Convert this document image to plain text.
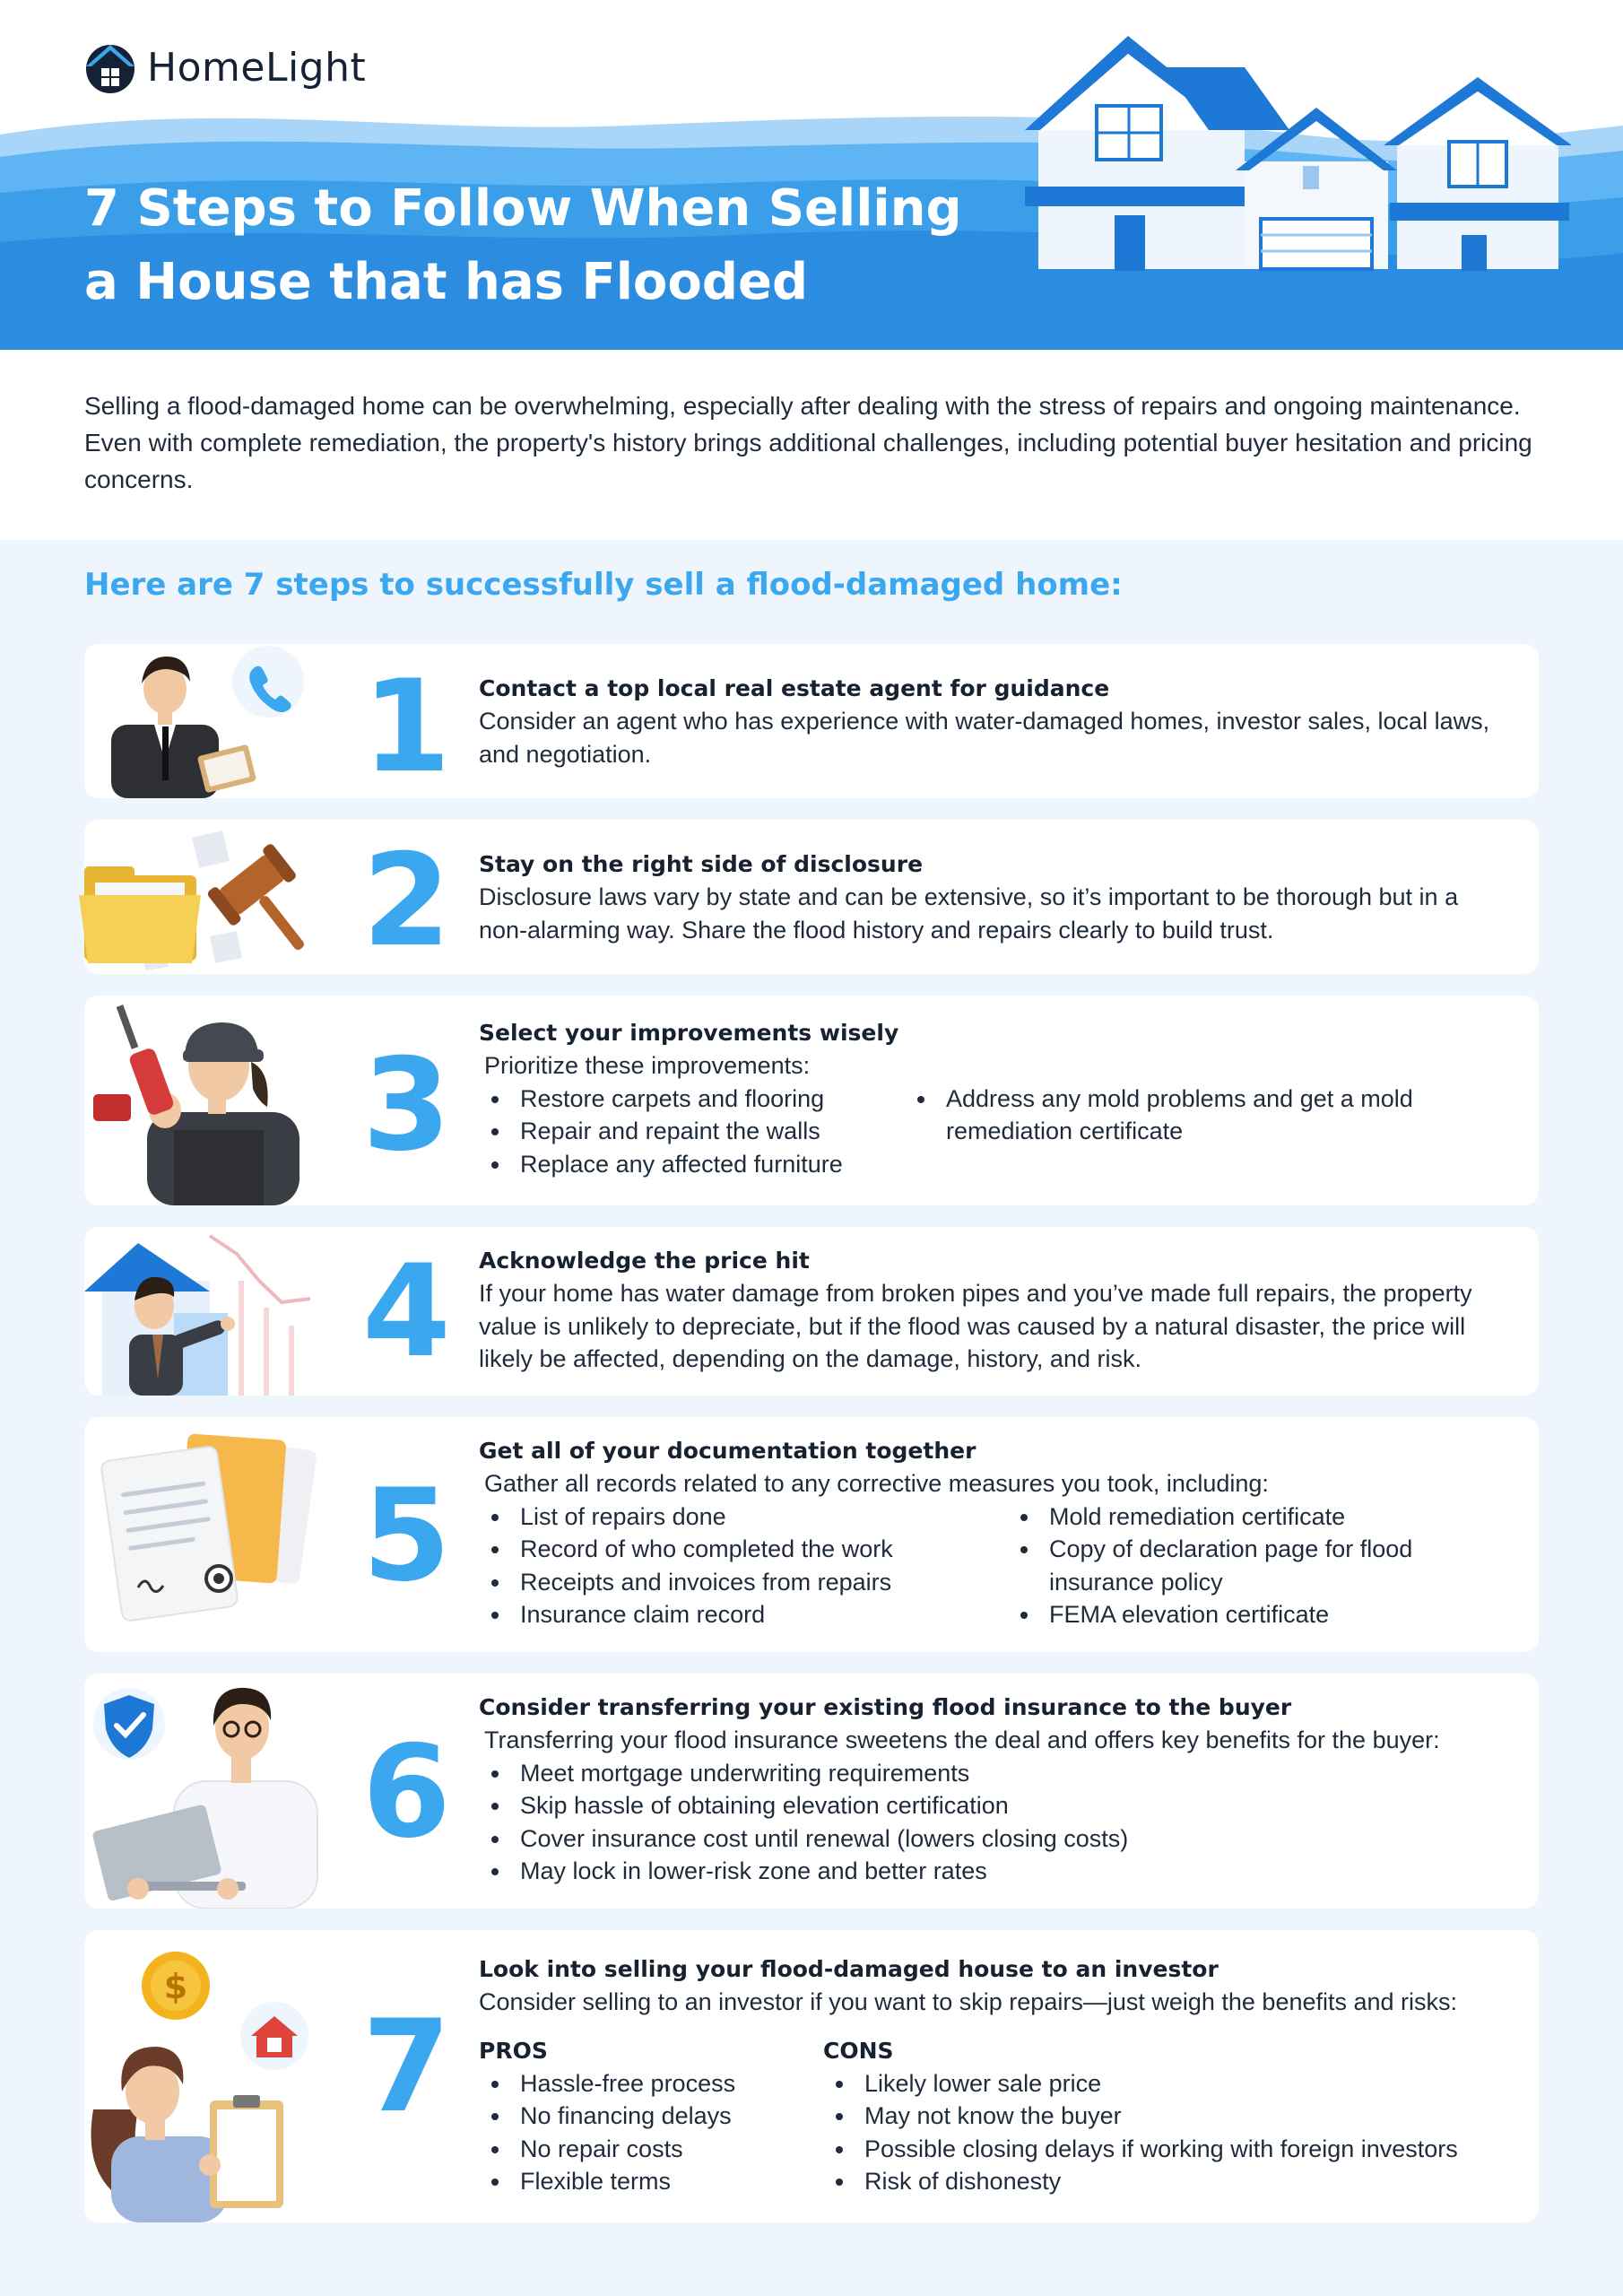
HomeLight
7 Steps to Follow When Selling
a House that has Flooded

Selling a flood-damaged home can be overwhelming, especially after dealing with the stress of repairs and ongoing maintenance. Even with complete remediation, the property's history brings additional challenges, including potential buyer hesitation and pricing concerns.

Here are 7 steps to successfully sell a flood-damaged home:
1 Contact a top local real estate agent for guidance

Consider an agent who has experience with water-damaged homes, investor sales, local laws, and negotiation.

2 Stay on the right side of disclosure

Disclosure laws vary by state and can be extensive, so it’s important to be thorough but in a non-alarming way. Share the flood history and repairs clearly to build trust.

3 Select your improvements wisely

Prioritize these improvements:

Restore carpets and flooring
Repair and repaint the walls
Replace any affected furniture
Address any mold problems and get a mold remediation certificate
4 Acknowledge the price hit

If your home has water damage from broken pipes and you’ve made full repairs, the property value is unlikely to depreciate, but if the flood was caused by a natural disaster, the price will likely be affected, depending on the damage, history, and risk.

5
Get all of your documentation together

Gather all records related to any corrective measures you took, including:

List of repairs done
Record of who completed the work
Receipts and invoices from repairs
Insurance claim record
Mold remediation certificate
Copy of declaration page for flood insurance policy
FEMA elevation certificate
6
Consider transferring your existing flood insurance to the buyer

Transferring your flood insurance sweetens the deal and offers key benefits for the buyer:

Meet mortgage underwriting requirements
Skip hassle of obtaining elevation certification
Cover insurance cost until renewal (lowers closing costs)
May lock in lower-risk zone and better rates
$
7
Look into selling your flood-damaged house to an investor

Consider selling to an investor if you want to skip repairs—just weigh the benefits and risks:

PROS
Hassle-free process
No financing delays
No repair costs
Flexible terms
CONS
Likely lower sale price
May not know the buyer
Possible closing delays if working with foreign investors
Risk of dishonesty
